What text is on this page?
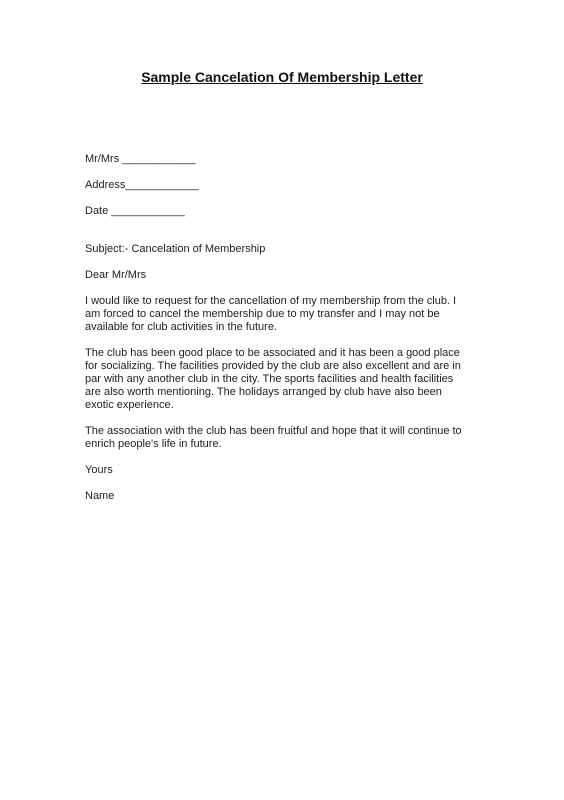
Sample Cancelation Of Membership Letter
Mr/Mrs ____________
Address____________
Date ____________
Subject:- Cancelation of Membership
Dear Mr/Mrs
I would like to request for the cancellation of my membership from the club. I
am forced to cancel the membership due to my transfer and I may not be
available for club activities in the future.
The club has been good place to be associated and it has been a good place
for socializing. The facilities provided by the club are also excellent and are in
par with any another club in the city. The sports facilities and health facilities
are also worth mentioning. The holidays arranged by club have also been
exotic experience.
The association with the club has been fruitful and hope that it will continue to
enrich people's life in future.
Yours
Name
